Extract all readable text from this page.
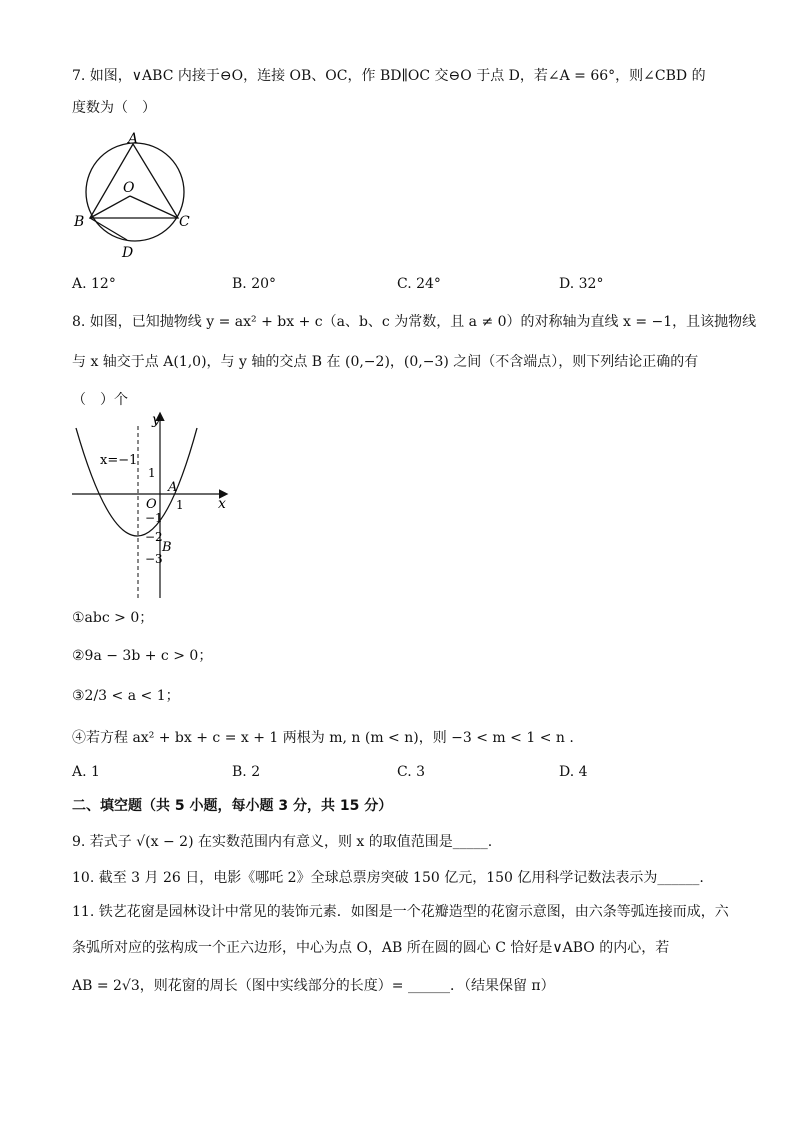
7. 如图，∨ABC 内接于⊖O，连接 OB、OC，作 BD∥OC 交⊖O 于点 D，若∠A = 66°，则∠CBD 的
度数为（　）
A
O
B	C
D
A. 12°	B. 20°	C. 24°	D. 32°
8. 如图，已知抛物线 y = ax² + bx + c（a、b、c 为常数，且 a ≠ 0）的对称轴为直线 x = −1，且该抛物线
与 x 轴交于点 A(1,0)，与 y 轴的交点 B 在 (0,−2)，(0,−3) 之间（不含端点），则下列结论正确的有
（　）个
y
x
x=−1
1
O
−1
−2
−3
1
A
B
①abc > 0；
②9a − 3b + c > 0；
③2/3 < a < 1；
④若方程 ax² + bx + c = x + 1 两根为 m, n (m < n)，则 −3 < m < 1 < n .
A. 1	B. 2	C. 3	D. 4
二、填空题（共 5 小题，每小题 3 分，共 15 分）
9. 若式子 √(x − 2) 在实数范围内有意义，则 x 的取值范围是_____.
10. 截至 3 月 26 日，电影《哪吒 2》全球总票房突破 150 亿元，150 亿用科学记数法表示为______.
11. 铁艺花窗是园林设计中常见的装饰元素．如图是一个花瓣造型的花窗示意图，由六条等弧连接而成，六
条弧所对应的弦构成一个正六边形，中心为点 O，AB 所在圆的圆心 C 恰好是∨ABO 的内心，若
AB = 2√3，则花窗的周长（图中实线部分的长度）= ______．（结果保留 π）
